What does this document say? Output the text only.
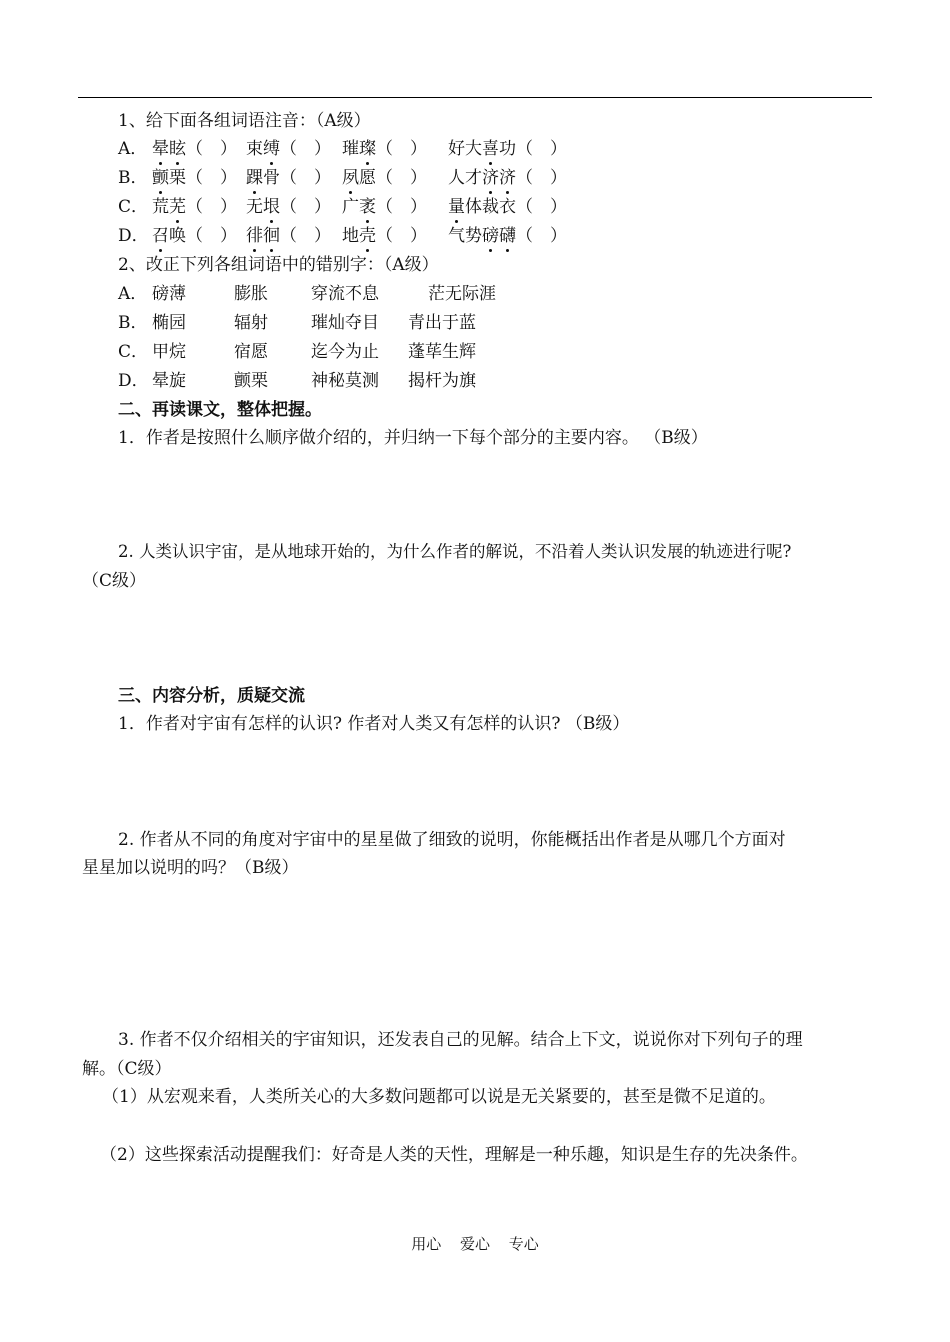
1、给下面各组词语注音：（A级）
A． 晕眩（　） 束缚（　） 璀璨（　） 好大喜功（　）
B． 颤栗（　） 踝骨（　） 夙愿（　） 人才济济（　）
C． 荒芜（　） 无垠（　） 广袤（　） 量体裁衣（　）
D． 召唤（　） 徘徊（　） 地壳（　） 气势磅礴（　）
2、改正下列各组词语中的错别字：（A级）
A． 磅薄	膨胀	穿流不息	茫无际涯
B． 椭园	辐射	璀灿夺目 青出于蓝
C． 甲烷	宿愿	迄今为止 蓬荜生辉
D． 晕旋	颤栗	神秘莫测 揭杆为旗
二、再读课文，整体把握。
1．作者是按照什么顺序做介绍的，并归纳一下每个部分的主要内容。 （B级）
2. 人类认识宇宙，是从地球开始的，为什么作者的解说，不沿着人类认识发展的轨迹进行呢?
（C级）
三、内容分析，质疑交流
1．作者对宇宙有怎样的认识? 作者对人类又有怎样的认识? （B级）
2. 作者从不同的角度对宇宙中的星星做了细致的说明，你能概括出作者是从哪几个方面对
星星加以说明的吗？（B级）
3. 作者不仅介绍相关的宇宙知识，还发表自己的见解。结合上下文，说说你对下列句子的理
解。（C级）
（1）从宏观来看，人类所关心的大多数问题都可以说是无关紧要的，甚至是微不足道的。
（2）这些探索活动提醒我们：好奇是人类的天性，理解是一种乐趣，知识是生存的先决条件。
用心 爱心 专心
